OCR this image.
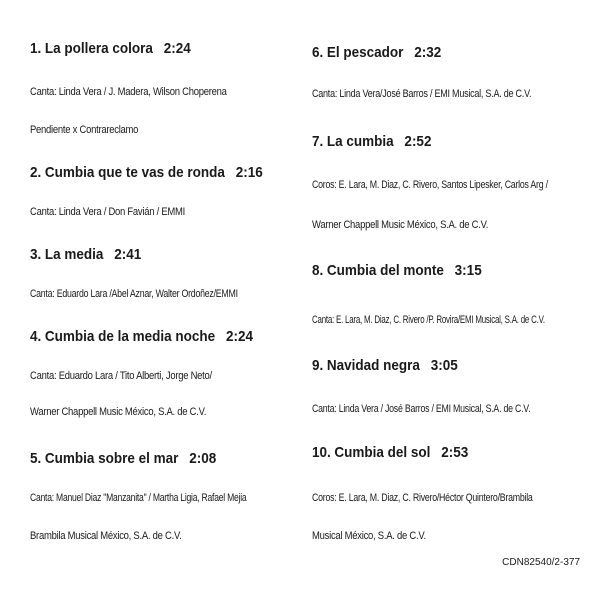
1. La pollera colora 2:24
Canta: Linda Vera / J. Madera, Wilson Choperena
Pendiente x Contrareclamo
2. Cumbia que te vas de ronda 2:16
Canta: Linda Vera / Don Favián / EMMI
3. La media 2:41
Canta: Eduardo Lara /Abel Aznar, Walter Ordoñez/EMMI
4. Cumbia de la media noche 2:24
Canta: Eduardo Lara / Tito Alberti, Jorge Neto/
Warner Chappell Music México, S.A. de C.V.
5. Cumbia sobre el mar 2:08
Canta: Manuel Diaz "Manzanita" / Martha Ligia, Rafael Mejia
Brambila Musical México, S.A. de C.V.
6. El pescador 2:32
Canta: Linda Vera/José Barros / EMI Musical, S.A. de C.V.
7. La cumbia 2:52
Coros: E. Lara, M. Diaz, C. Rivero, Santos Lipesker, Carlos Arg /
Warner Chappell Music México, S.A. de C.V.
8. Cumbia del monte 3:15
Canta: E. Lara, M. Diaz, C. Rivero /P. Rovira/EMI Musical, S.A. de C.V.
9. Navidad negra 3:05
Canta: Linda Vera / José Barros / EMI Musical, S.A. de C.V.
10. Cumbia del sol 2:53
Coros: E. Lara, M. Diaz, C. Rivero/Héctor Quintero/Brambila
Musical México, S.A. de C.V.
CDN82540/2-377
